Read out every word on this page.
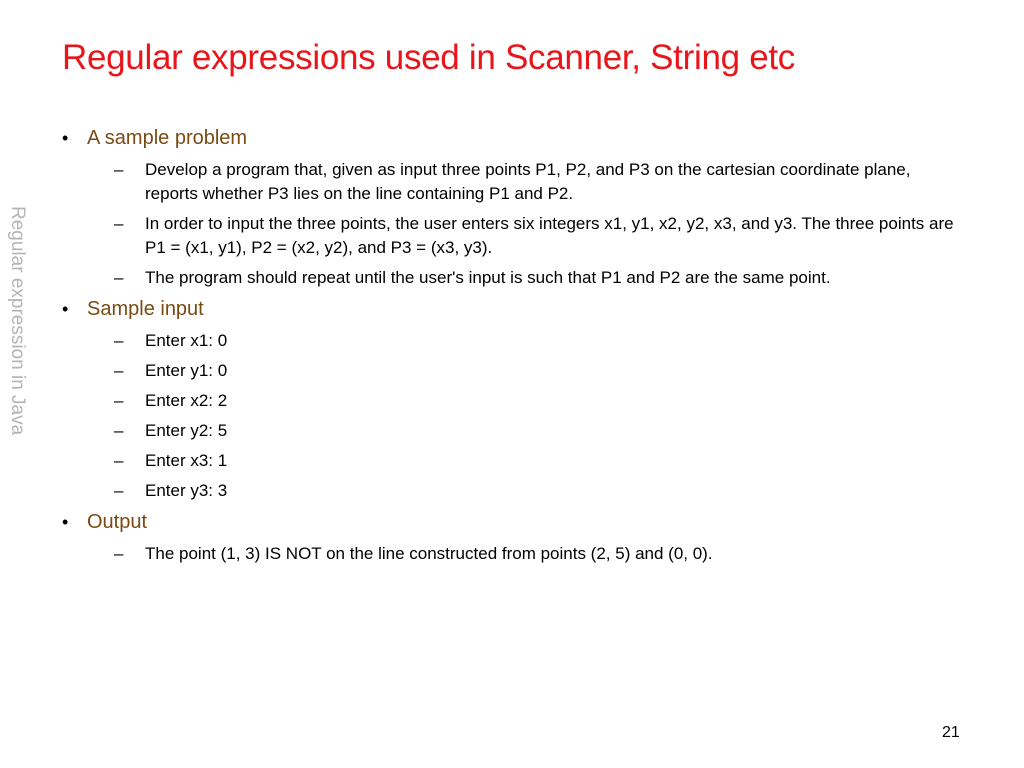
Regular expressions used in Scanner, String etc
Regular expression in Java
• A sample problem
– Develop a program that, given as input three points P1, P2, and P3 on the cartesian coordinate plane, reports whether P3 lies on the line containing P1 and P2.
– In order to input the three points, the user enters six integers x1, y1, x2, y2, x3, and y3. The three points are P1 = (x1, y1), P2 = (x2, y2), and P3 = (x3, y3).
– The program should repeat until the user's input is such that P1 and P2 are the same point.
• Sample input
– Enter x1: 0
– Enter y1: 0
– Enter x2: 2
– Enter y2: 5
– Enter x3: 1
– Enter y3: 3
• Output
– The point (1, 3) IS NOT on the line constructed from points (2, 5) and (0, 0).
21
